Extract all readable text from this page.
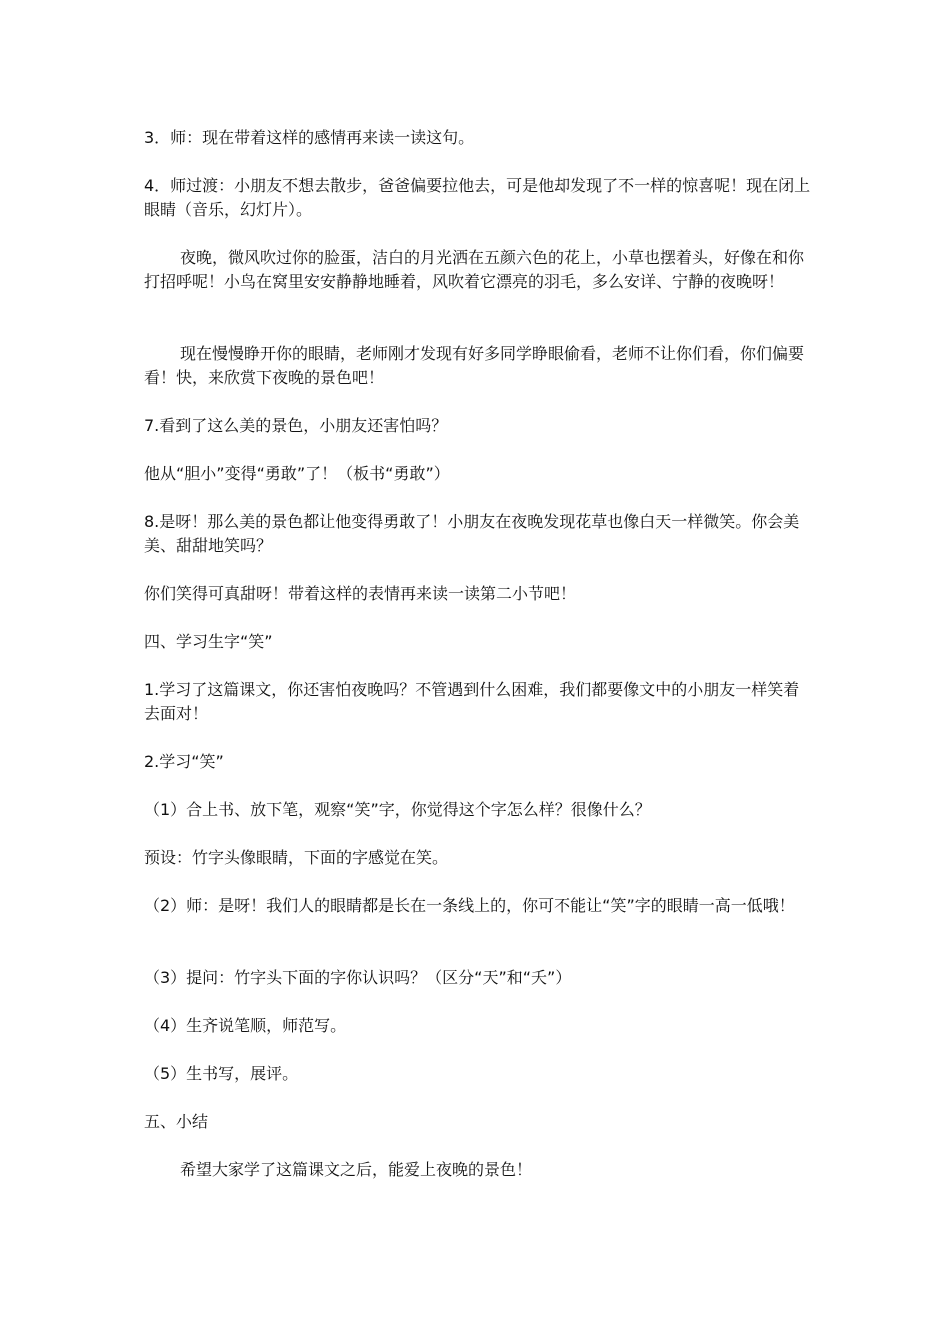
3．师：现在带着这样的感情再来读一读这句。

4．师过渡：小朋友不想去散步，爸爸偏要拉他去，可是他却发现了不一样的惊喜呢！现在闭上眼睛（音乐，幻灯片）。

夜晚，微风吹过你的脸蛋，洁白的月光洒在五颜六色的花上，小草也摆着头，好像在和你打招呼呢！小鸟在窝里安安静静地睡着，风吹着它漂亮的羽毛，多么安详、宁静的夜晚呀！

现在慢慢睁开你的眼睛，老师刚才发现有好多同学睁眼偷看，老师不让你们看，你们偏要看！快，来欣赏下夜晚的景色吧！

7.看到了这么美的景色，小朋友还害怕吗？

他从“胆小”变得“勇敢”了！（板书“勇敢”）

8.是呀！那么美的景色都让他变得勇敢了！小朋友在夜晚发现花草也像白天一样微笑。你会美美、甜甜地笑吗？

你们笑得可真甜呀！带着这样的表情再来读一读第二小节吧！

四、学习生字“笑”

1.学习了这篇课文，你还害怕夜晚吗？不管遇到什么困难，我们都要像文中的小朋友一样笑着去面对！

2.学习“笑”

（1）合上书、放下笔，观察“笑”字，你觉得这个字怎么样？很像什么？

预设：竹字头像眼睛，下面的字感觉在笑。

（2）师：是呀！我们人的眼睛都是长在一条线上的，你可不能让“笑”字的眼睛一高一低哦！

（3）提问：竹字头下面的字你认识吗？（区分“天”和“夭”）

（4）生齐说笔顺，师范写。

（5）生书写，展评。

五、小结

希望大家学了这篇课文之后，能爱上夜晚的景色！
